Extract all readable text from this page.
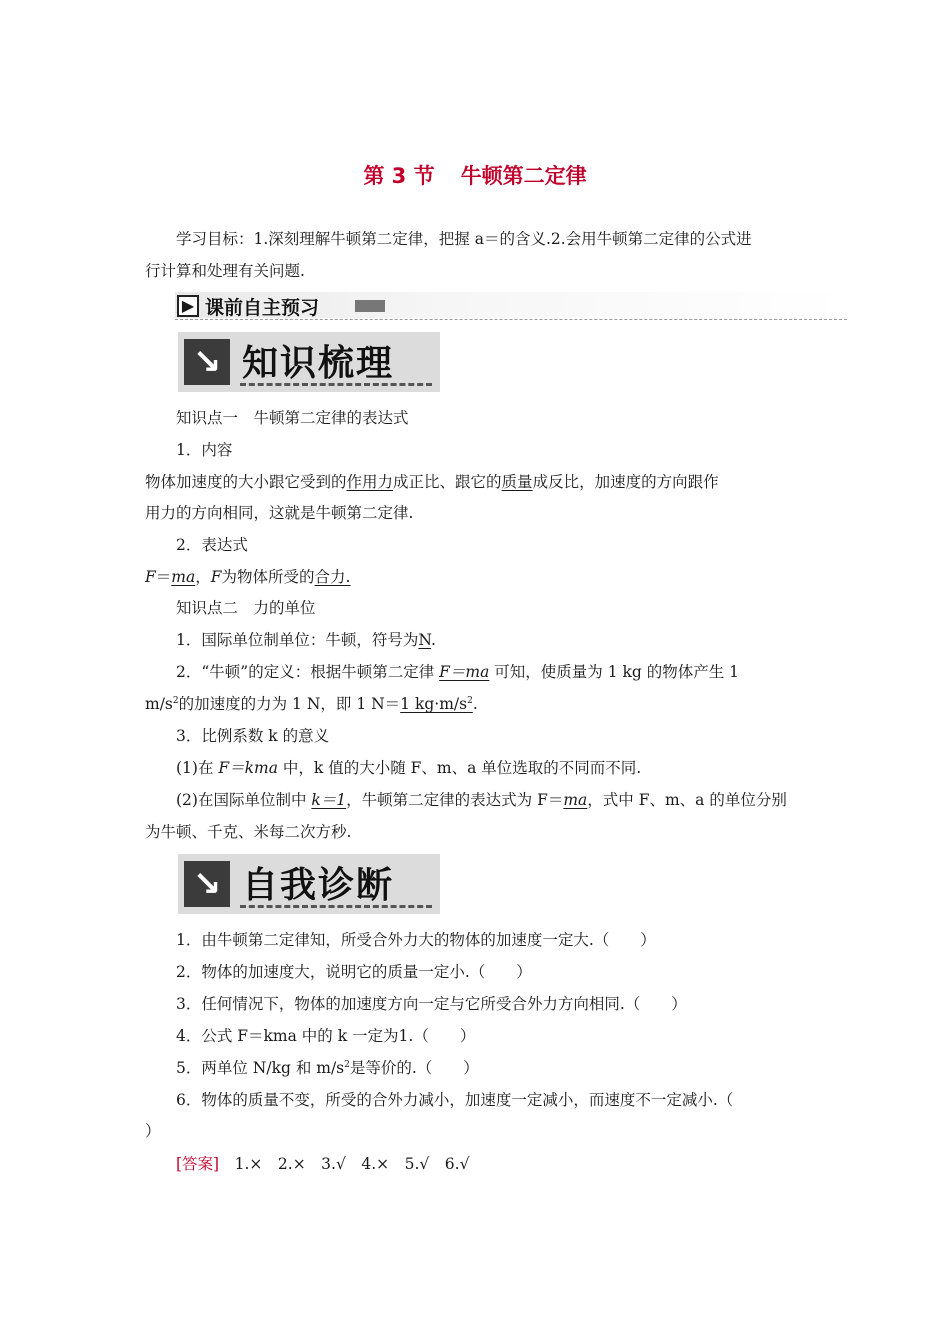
第 3 节 牛顿第二定律
学习目标：1.深刻理解牛顿第二定律，把握 a＝的含义.2.会用牛顿第二定律的公式进
行计算和处理有关问题.
▶ 课前自主预习
↘ 知识梳理
知识点一　牛顿第二定律的表达式
1．内容
物体加速度的大小跟它受到的作用力成正比、跟它的质量成反比，加速度的方向跟作
用力的方向相同，这就是牛顿第二定律.
2．表达式
F＝ma，F为物体所受的合力.
知识点二　力的单位
1．国际单位制单位：牛顿，符号为N.
2．“牛顿”的定义：根据牛顿第二定律 F＝ma 可知，使质量为 1 kg 的物体产生 1
$m/s^2$的加速度的力为 1 N，即 1 N＝1 $kg\cdot m/s^2$.
3．比例系数 k 的意义
(1)在 F＝kma 中，k 值的大小随 F、m、a 单位选取的不同而不同.
(2)在国际单位制中 k＝1，牛顿第二定律的表达式为 F＝ma，式中 F、m、a 的单位分别
为牛顿、千克、米每二次方秒.
↘ 自我诊断
1．由牛顿第二定律知，所受合外力大的物体的加速度一定大.（　　）
2．物体的加速度大，说明它的质量一定小.（　　）
3．任何情况下，物体的加速度方向一定与它所受合外力方向相同.（　　）
4．公式 F＝kma 中的 k 一定为1.（　　）
5．两单位 N/kg 和 $m/s^2$是等价的.（　　）
6．物体的质量不变，所受的合外力减小，加速度一定减小，而速度不一定减小.（
）
[答案]　 1.×　2.×　3.√　4.×　5.√　6.√
